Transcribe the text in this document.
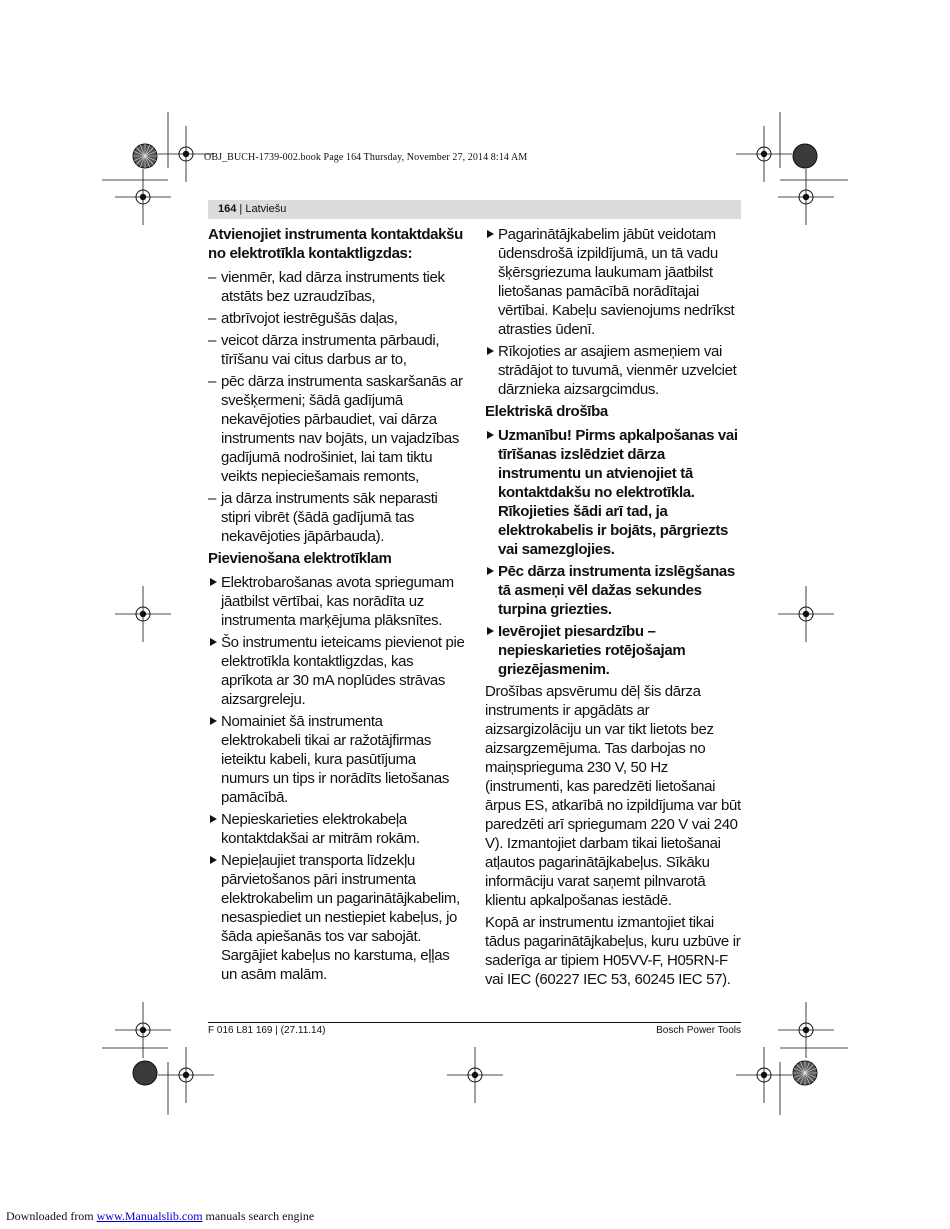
OBJ_BUCH-1739-002.book Page 164 Thursday, November 27, 2014 8:14 AM
164 | Latviešu
Atvienojiet instrumenta kontaktdakšu no elektrotīkla kontaktligzdas:
– vienmēr, kad dārza instruments tiek atstāts bez uzraudzības,
– atbrīvojot iestrēgušās daļas,
– veicot dārza instrumenta pārbaudi, tīrīšanu vai citus darbus ar to,
– pēc dārza instrumenta saskaršanās ar svešķermeni; šādā gadījumā nekavējoties pārbaudiet, vai dārza instruments nav bojāts, un vajadzības gadījumā nodrošiniet, lai tam tiktu veikts nepieciešamais remonts,
– ja dārza instruments sāk neparasti stipri vibrēt (šādā gadījumā tas nekavējoties jāpārbauda).
Pievienošana elektrotīklam
Elektrobarošanas avota spriegumam jāatbilst vērtībai, kas norādīta uz instrumenta marķējuma plāksnītes.
Šo instrumentu ieteicams pievienot pie elektrotīkla kontaktligzdas, kas aprīkota ar 30 mA noplūdes strāvas aizsargreleju.
Nomainiet šā instrumenta elektrokabeli tikai ar ražotājfirmas ieteiktu kabeli, kura pasūtījuma numurs un tips ir norādīts lietošanas pamācībā.
Nepieskarieties elektrokabeļa kontaktdakšai ar mitrām rokām.
Nepieļaujiet transporta līdzekļu pārvietošanos pāri instrumenta elektrokabelim un pagarinātājkabelim, nesaspiediet un nestiepiet kabeļus, jo šāda apiešanās tos var sabojāt. Sargājiet kabeļus no karstuma, eļļas un asām malām.
Pagarinātājkabelim jābūt veidotam ūdensdrošā izpildījumā, un tā vadu šķērsgriezuma laukumam jāatbilst lietošanas pamācībā norādītajai vērtībai. Kabeļu savienojums nedrīkst atrasties ūdenī.
Rīkojoties ar asajiem asmeņiem vai strādājot to tuvumā, vienmēr uzvelciet dārznieka aizsargcimdus.
Elektriskā drošība
Uzmanību! Pirms apkalpošanas vai tīrīšanas izslēdziet dārza instrumentu un atvienojiet tā kontaktdakšu no elektrotīkla. Rīkojieties šādi arī tad, ja elektrokabelis ir bojāts, pārgriezts vai samezglojies.
Pēc dārza instrumenta izslēgšanas tā asmeņi vēl dažas sekundes turpina griezties.
Ievērojiet piesardzību – nepieskarieties rotējošajam griezējasmenim.
Drošības apsvērumu dēļ šis dārza instruments ir apgādāts ar aizsargizolāciju un var tikt lietots bez aizsargzemējuma. Tas darbojas no maiņsprieguma 230 V, 50 Hz (instrumenti, kas paredzēti lietošanai ārpus ES, atkarībā no izpildījuma var būt paredzēti arī spriegumam 220 V vai 240 V). Izmantojiet darbam tikai lietošanai atļautos pagarinātājkabeļus. Sīkāku informāciju varat saņemt pilnvarotā klientu apkalpošanas iestādē.
Kopā ar instrumentu izmantojiet tikai tādus pagarinātājkabeļus, kuru uzbūve ir saderīga ar tipiem H05VV-F, H05RN-F vai IEC (60227 IEC 53, 60245 IEC 57).
F 016 L81 169 | (27.11.14)	Bosch Power Tools
Downloaded from www.Manualslib.com manuals search engine
